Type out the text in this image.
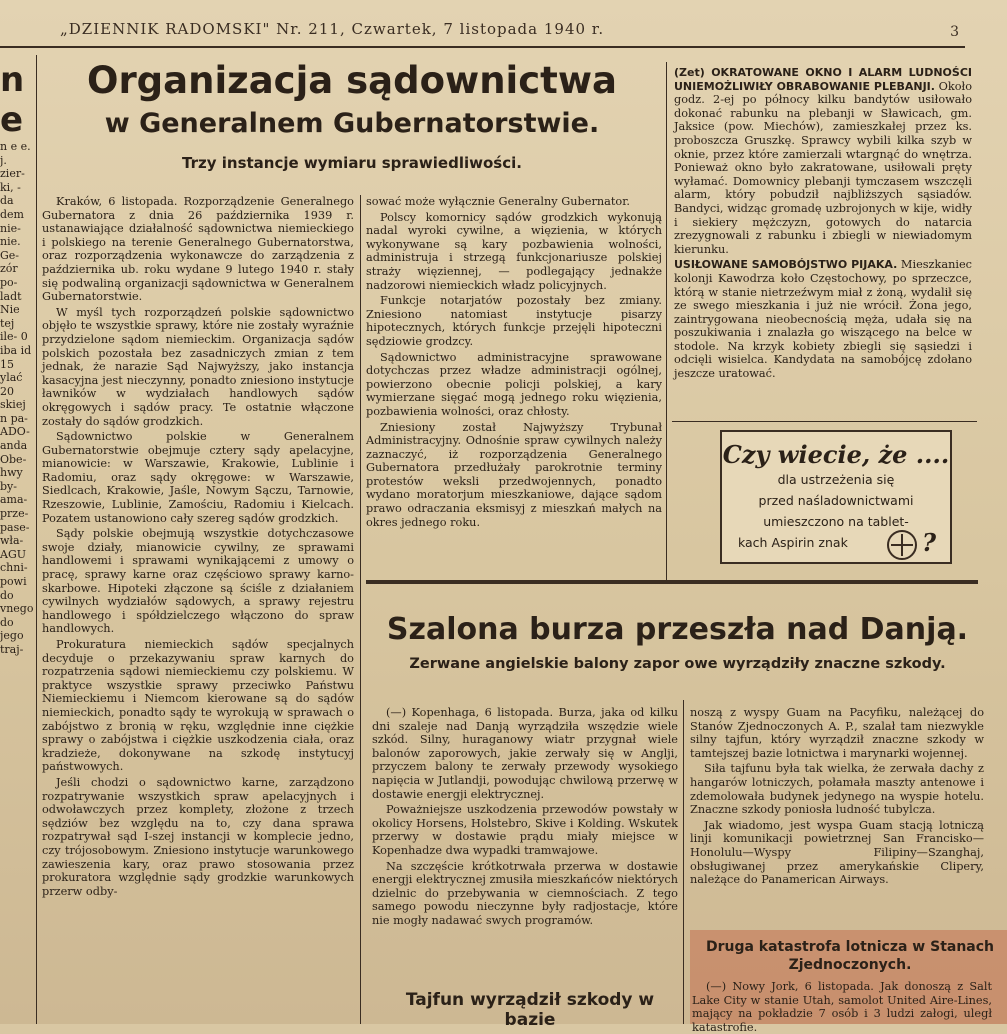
„DZIENNIK RADOMSKI" Nr. 211, Czwartek, 7 listopada 1940 r.	3
n
e
n e e. j. zier- ki, - da dem nie- nie. Ge- zór po- ladt Nie tej ile- 0 iba id 15 ylać 20 skiej n pa- ADO- anda Obe- hwy by- ama- prze- pase- wła- AGU chni- powi do vnego do jego traj-
Organizacja sądownictwa
w Generalnem Gubernatorstwie.
Trzy instancje wymiaru sprawiedliwości.

Kraków, 6 listopada. Rozporządzenie Generalnego Gubernatora z dnia 26 października 1939 r. ustanawiające działalność sądownictwa niemieckiego i polskiego na terenie Generalnego Gubernatorstwa, oraz rozporządzenia wykonawcze do zarządzenia z października ub. roku wydane 9 lutego 1940 r. stały się podwaliną organizacji sądownictwa w Generalnem Gubernatorstwie.

W myśl tych rozporządzeń polskie sądownictwo objęło te wszystkie sprawy, które nie zostały wyraźnie przydzielone sądom niemieckim. Organizacja sądów polskich pozostała bez zasadniczych zmian z tem jednak, że narazie Sąd Najwyższy, jako instancja kasacyjna jest nieczynny, ponadto zniesiono instytucje ławników w wydziałach handlowych sądów okręgowych i sądów pracy. Te ostatnie włączone zostały do sądów grodzkich.

Sądownictwo polskie w Generalnem Gubernatorstwie obejmuje cztery sądy apelacyjne, mianowicie: w Warszawie, Krakowie, Lublinie i Radomiu, oraz sądy okręgowe: w Warszawie, Siedlcach, Krakowie, Jaśle, Nowym Sączu, Tarnowie, Rzeszowie, Lublinie, Zamościu, Radomiu i Kielcach. Pozatem ustanowiono cały szereg sądów grodzkich.

Sądy polskie obejmują wszystkie dotychczasowe swoje działy, mianowicie cywilny, ze sprawami handlowemi i sprawami wynikającemi z umowy o pracę, sprawy karne oraz częściowo sprawy karno-skarbowe. Hipoteki złączone są ściśle z działaniem cywilnych wydziałów sądowych, a sprawy rejestru handlowego i spółdzielczego włączono do spraw handlowych.

Prokuratura niemieckich sądów specjalnych decyduje o przekazywaniu spraw karnych do rozpatrzenia sądowi niemieckiemu czy polskiemu. W praktyce wszystkie sprawy przeciwko Państwu Niemieckiemu i Niemcom kierowane są do sądów niemieckich, ponadto sądy te wyrokują w sprawach o zabójstwo z bronią w ręku, względnie inne ciężkie sprawy o zabójstwa i ciężkie uszkodzenia ciała, oraz kradzieże, dokonywane na szkodę instytucyj państwowych.

Jeśli chodzi o sądownictwo karne, zarządzono rozpatrywanie wszystkich spraw apelacyjnych i odwoławczych przez komplety, złożone z trzech sędziów bez względu na to, czy dana sprawa rozpatrywał sąd I-szej instancji w komplecie jedno, czy trójosobowym. Zniesiono instytucje warunkowego zawieszenia kary, oraz prawo stosowania przez prokuratora względnie sądy grodzkie warunkowych przerw odby-

sować może wyłącznie Generalny Gubernator.

Polscy komornicy sądów grodzkich wykonują nadal wyroki cywilne, a więzienia, w których wykonywane są kary pozbawienia wolności, administruja i strzegą funkcjonariusze polskiej straży więziennej, — podlegający jednakże nadzorowi niemieckich władz policyjnych.

Funkcje notarjatów pozostały bez zmiany. Zniesiono natomiast instytucje pisarzy hipotecznych, których funkcje przejęli hipoteczni sędziowie grodzcy.

Sądownictwo administracyjne sprawowane dotychczas przez władze administracji ogólnej, powierzono obecnie policji polskiej, a kary wymierzane sięgać mogą jednego roku więzienia, pozbawienia wolności, oraz chłosty.

Zniesiony został Najwyższy Trybunał Administracyjny. Odnośnie spraw cywilnych należy zaznaczyć, iż rozporządzenia Generalnego Gubernatora przedłużały parokrotnie terminy protestów weksli przedwojennych, ponadto wydano moratorjum mieszkaniowe, dające sądom prawo odraczania eksmisyj z mieszkań małych na okres jednego roku.

(Zet) OKRATOWANE OKNO I ALARM LUDNOŚCI UNIEMOŻLIWIŁY OBRABOWANIE PLEBANJI. Około godz. 2-ej po północy kilku bandytów usiłowało dokonać rabunku na plebanji w Sławicach, gm. Jaksice (pow. Miechów), zamieszkałej przez ks. proboszcza Gruszkę. Sprawcy wybili kilka szyb w oknie, przez które zamierzali wtargnąć do wnętrza. Ponieważ okno było zakratowane, usiłowali pręty wyłamać. Domownicy plebanji tymczasem wszczęli alarm, który pobudził najbliższych sąsiadów. Bandyci, widząc gromadę uzbrojonych w kije, widły i siekiery mężczyzn, gotowych do natarcia zrezygnowali z rabunku i zbiegli w niewiadomym kierunku.

USIŁOWANE SAMOBÓJSTWO PIJAKA. Mieszkaniec kolonji Kawodrza koło Częstochowy, po sprzeczce, którą w stanie nietrzeźwym miał z żoną, wydalił się ze swego mieszkania i już nie wrócił. Żona jego, zaintrygowana nieobecnością męża, udała się na poszukiwania i znalazła go wiszącego na belce w stodole. Na krzyk kobiety zbiegli się sąsiedzi i odcięli wisielca. Kandydata na samobójcę zdołano jeszcze uratować.

Czy wiecie, że ....
dla ustrzeżenia się
przed naśladownictwami
umieszczono na tablet-
kach Aspirin znak	?
Szalona burza przeszła nad Danją.
Zerwane angielskie balony zapor owe wyrządziły znaczne szkody.

(—) Kopenhaga, 6 listopada. Burza, jaka od kilku dni szaleje nad Danją wyrządziła wszędzie wiele szkód. Silny, huraganowy wiatr przygnał wiele balonów zaporowych, jakie zerwały się w Anglji, przyczem balony te zerwały przewody wysokiego napięcia w Jutlandji, powodując chwilową przerwę w dostawie energji elektrycznej.

Poważniejsze uszkodzenia przewodów powstały w okolicy Horsens, Holstebro, Skive i Kolding. Wskutek przerwy w dostawie prądu miały miejsce w Kopenhadze dwa wypadki tramwajowe.

Na szczęście krótkotrwała przerwa w dostawie energji elektrycznej zmusiła mieszkańców niektórych dzielnic do przebywania w ciemnościach. Z tego samego powodu nieczynne były radjostacje, które nie mogły nadawać swych programów.

noszą z wyspy Guam na Pacyfiku, należącej do Stanów Zjednoczonych A. P., szalał tam niezwykle silny tajfun, który wyrządził znaczne szkody w tamtejszej bazie lotnictwa i marynarki wojennej.

Siła tajfunu była tak wielka, że zerwała dachy z hangarów lotniczych, połamała maszty antenowe i zdemolowała budynek jedynego na wyspie hotelu. Znaczne szkody poniosła ludność tubylcza.

Jak wiadomo, jest wyspa Guam stacją lotniczą linji komunikacji powietrznej San Francisko—Honolulu—Wyspy Filipiny—Szanghaj, obsługiwanej przez amerykańskie Clipery, należące do Panamerican Airways.

Tajfun wyrządził szkody w bazie
Druga katastrofa lotnicza w Stanach Zjednoczonych.

(—) Nowy Jork, 6 listopada. Jak donoszą z Salt Lake City w stanie Utah, samolot United Aire-Lines, mający na pokładzie 7 osób i 3 ludzi załogi, uległ katastrofie.
